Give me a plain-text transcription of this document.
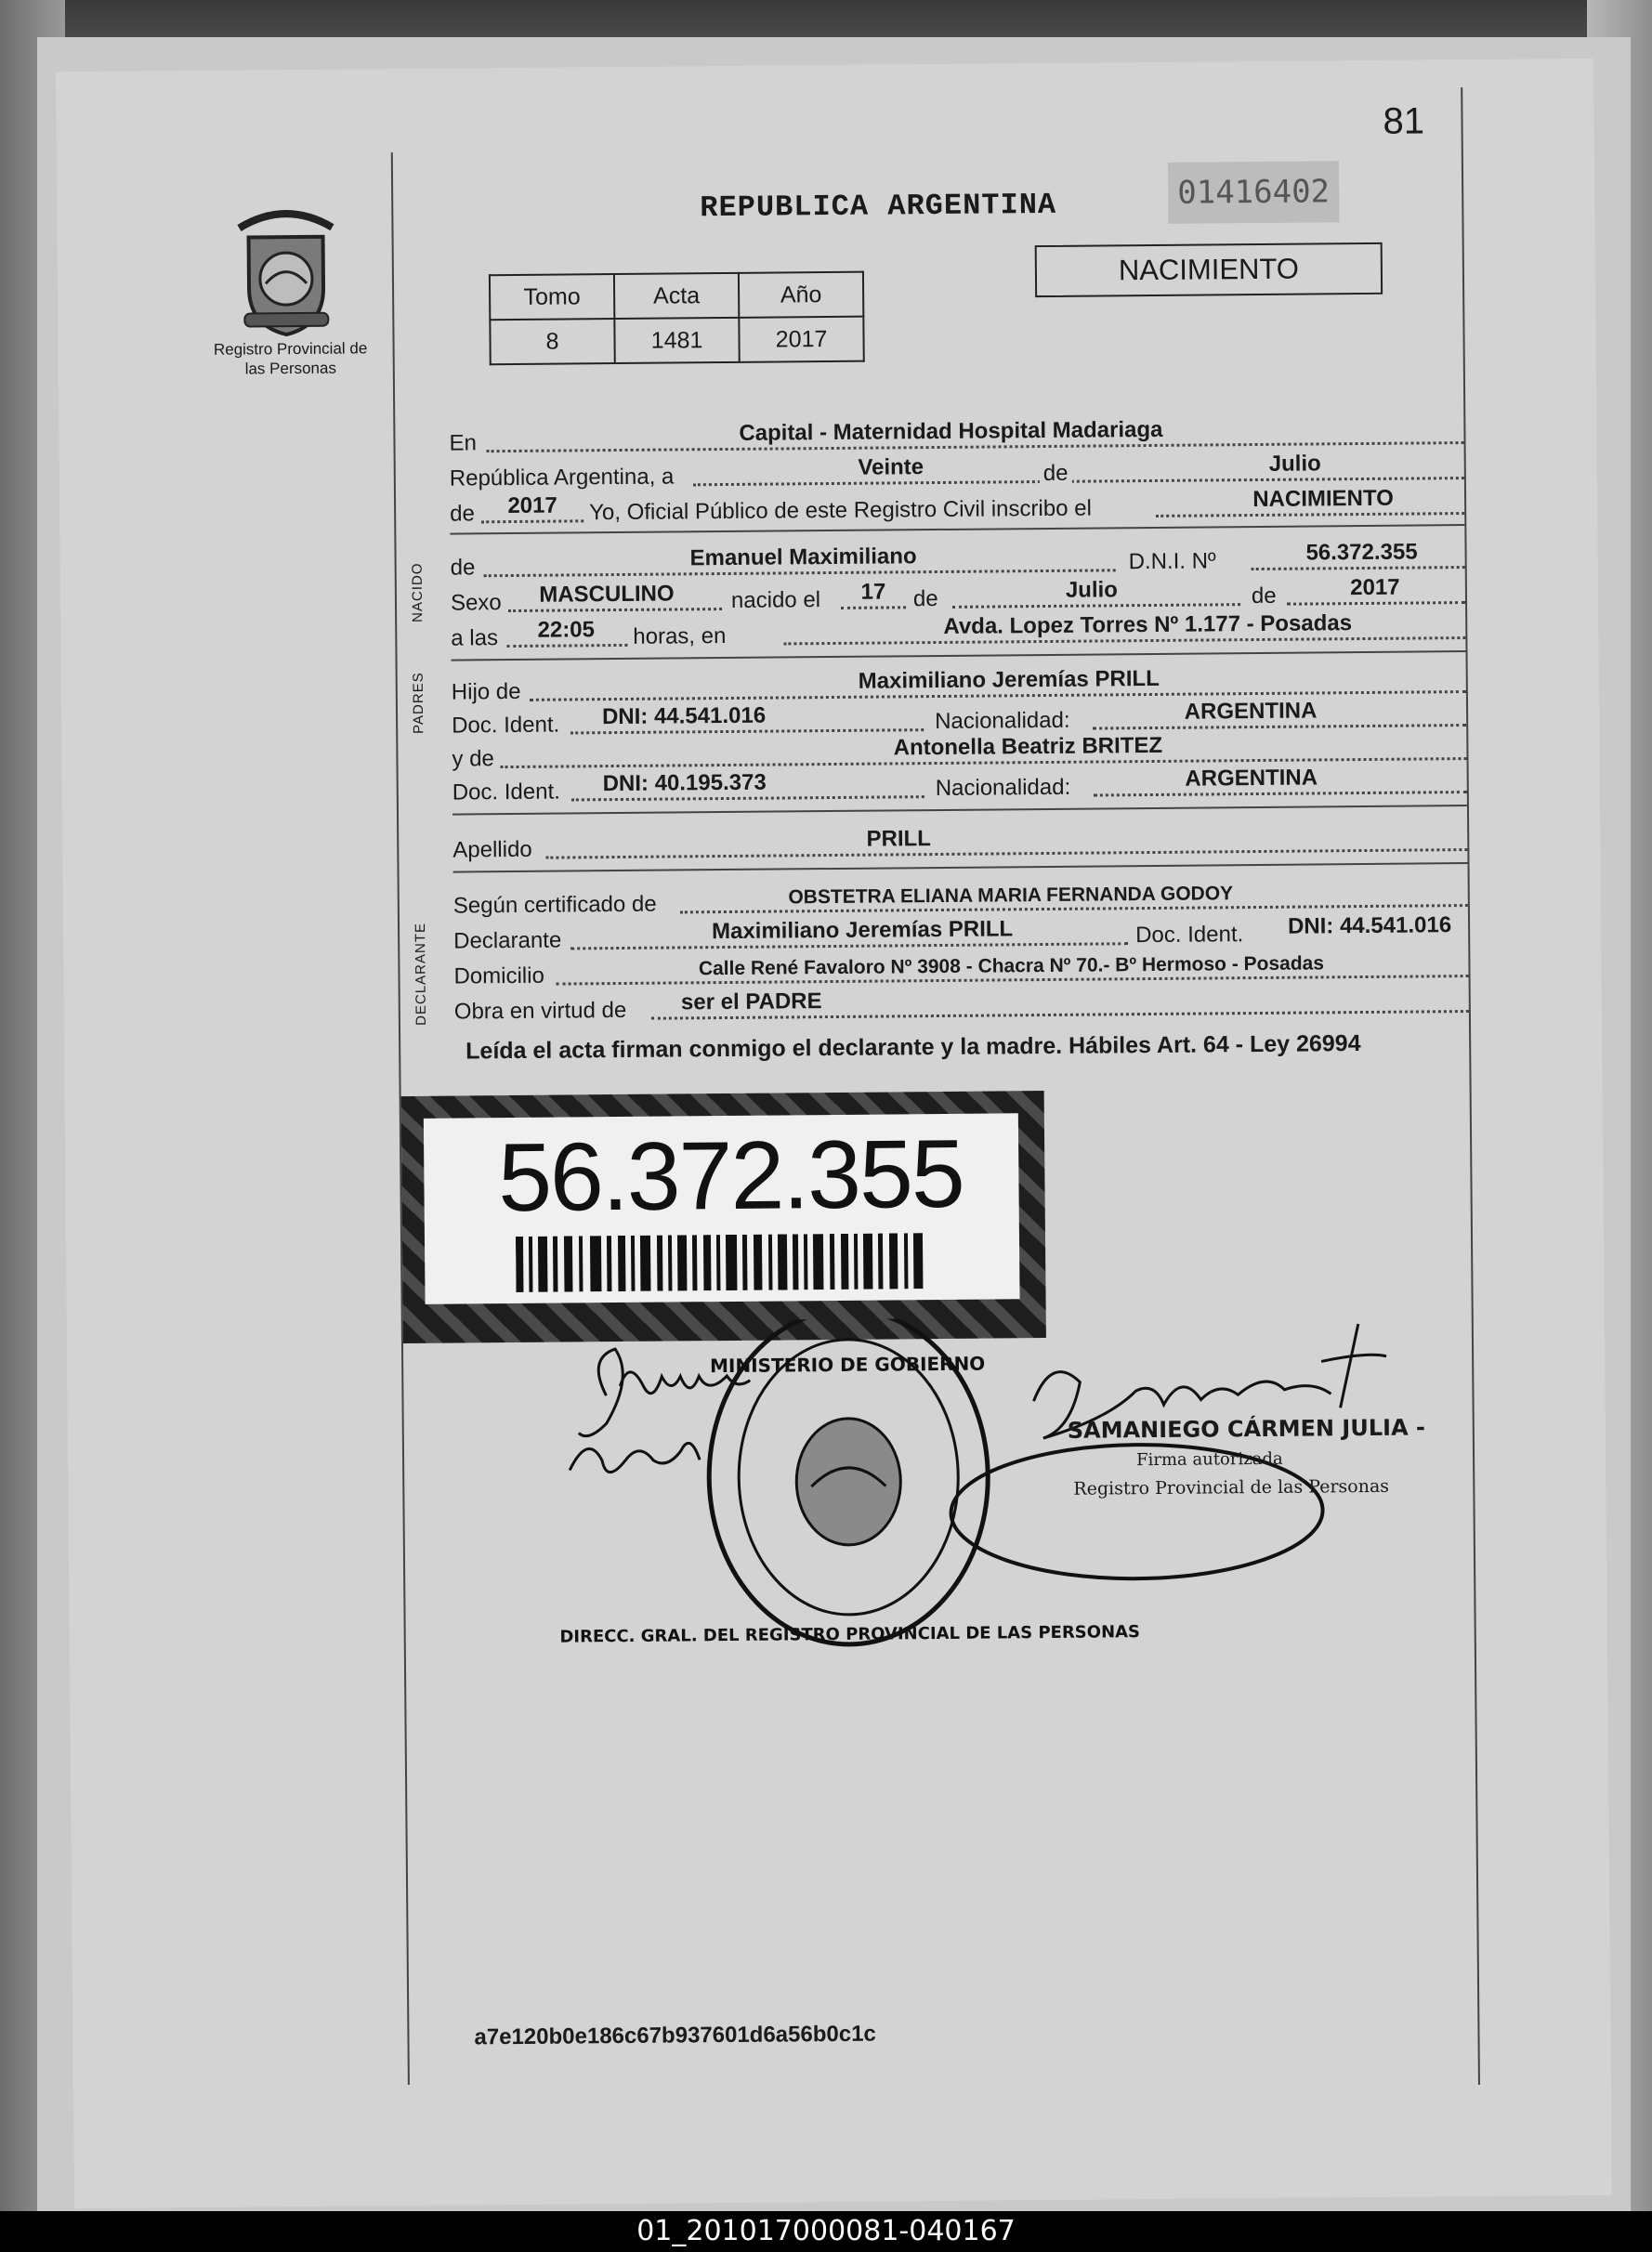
81
REPUBLICA ARGENTINA	01416402
Registro Provincial de las Personas
Tomo	Acta	Año
8	1481	2017
NACIMIENTO
En	Capital - Maternidad Hospital Madariaga
República Argentina, a	Veinte	de	Julio
de	2017	Yo, Oficial Público de este Registro Civil inscribo el	NACIMIENTO
NACIDO de	Emanuel Maximiliano	D.N.I. Nº	56.372.355
Sexo	MASCULINO	nacido el	17	de	Julio	de	2017
a las	22:05	horas, en	Avda. Lopez Torres Nº 1.177 - Posadas
PADRES Hijo de	Maximiliano Jeremías PRILL
Doc. Ident.	DNI: 44.541.016	Nacionalidad:	ARGENTINA
y de	Antonella Beatriz BRITEZ
Doc. Ident.	DNI: 40.195.373	Nacionalidad:	ARGENTINA
Apellido	PRILL
DECLARANTE
Según certificado de	OBSTETRA ELIANA MARIA FERNANDA GODOY
Declarante	Maximiliano Jeremías PRILL	Doc. Ident.	DNI: 44.541.016
Domicilio	Calle René Favaloro Nº 3908 - Chacra Nº 70.- Bº Hermoso - Posadas
Obra en virtud de	ser el PADRE
Leída el acta firman conmigo el declarante y la madre. Hábiles Art. 64 - Ley 26994
56.372.355
MINISTERIO DE GOBIERNO
DIRECC. GRAL. DEL REGISTRO PROVINCIAL DE LAS PERSONAS
SAMANIEGO CÁRMEN JULIA -
Firma autorizada
Registro Provincial de las Personas
a7e120b0e186c67b937601d6a56b0c1c
01_201017000081-040167
